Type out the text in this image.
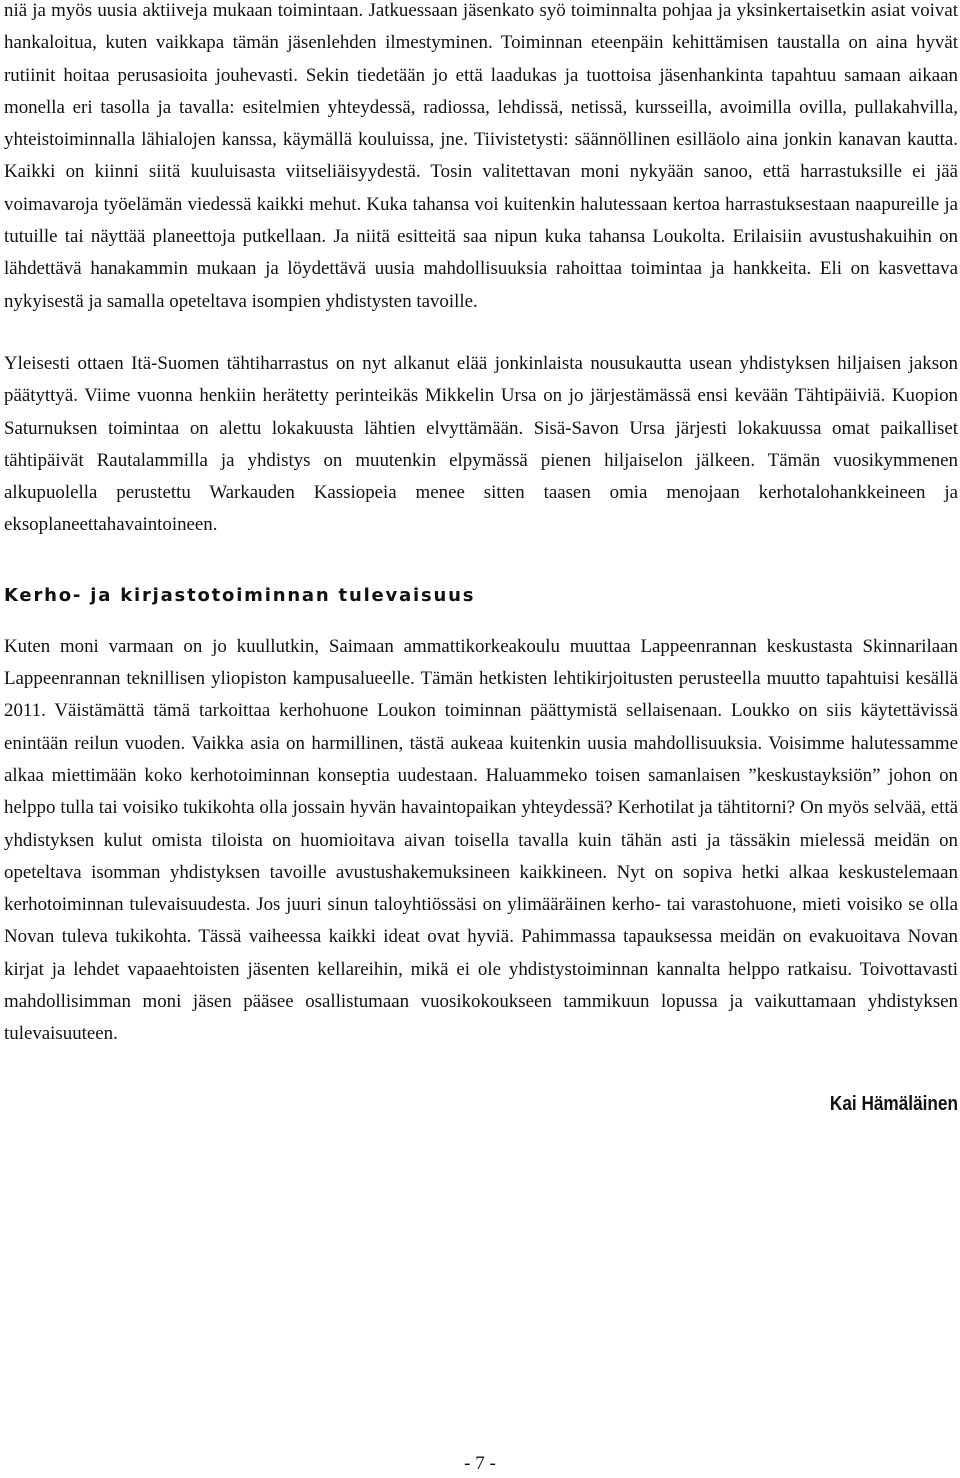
niä ja myös uusia aktiiveja mukaan toimintaan. Jatkuessaan jäsenkato syö toiminnalta pohjaa ja yksinkertaisetkin asiat voivat hankaloitua, kuten vaikkapa tämän jäsenlehden ilmestyminen. Toiminnan eteenpäin kehittämisen taustalla on aina hyvät rutiinit hoitaa perusasioita jouhevasti. Sekin tiedetään jo että laadukas ja tuottoisa jäsenhankinta tapahtuu samaan aikaan monella eri tasolla ja tavalla: esitelmien yhteydessä, radiossa, lehdissä, netissä, kursseilla, avoimilla ovilla, pullakahvilla, yhteistoiminnalla lähialojen kanssa, käymällä kouluissa, jne. Tiivistetysti: säännöllinen esilläolo aina jonkin kanavan kautta. Kaikki on kiinni siitä kuuluisasta viitseliäisyydestä. Tosin valitettavan moni nykyään sanoo, että harrastuksille ei jää voimavaroja työelämän viedessä kaikki mehut. Kuka tahansa voi kuitenkin halutessaan kertoa harrastuksestaan naapureille ja tutuille tai näyttää planeettoja putkellaan. Ja niitä esitteitä saa nipun kuka tahansa Loukolta. Erilaisiin avustushakuihin on lähdettävä hanakammin mukaan ja löydettävä uusia mahdollisuuksia rahoittaa toimintaa ja hankkeita. Eli on kasvettava nykyisestä ja samalla opeteltava isompien yhdistysten tavoille.

Yleisesti ottaen Itä-Suomen tähtiharrastus on nyt alkanut elää jonkinlaista nousukautta usean yhdistyksen hiljaisen jakson päätyttyä. Viime vuonna henkiin herätetty perinteikäs Mikkelin Ursa on jo järjestämässä ensi kevään Tähtipäiviä. Kuopion Saturnuksen toimintaa on alettu lokakuusta lähtien elvyttämään. Sisä-Savon Ursa järjesti lokakuussa omat paikalliset tähtipäivät Rautalammilla ja yhdistys on muutenkin elpymässä pienen hiljaiselon jälkeen. Tämän vuosikymmenen alkupuolella perustettu Warkauden Kassiopeia menee sitten taasen omia menojaan kerhotalohankkeineen ja eksoplaneettahavaintoineen.

Kerho- ja kirjastotoiminnan tulevaisuus

Kuten moni varmaan on jo kuullutkin, Saimaan ammattikorkeakoulu muuttaa Lappeenrannan keskustasta Skinnarilaan Lappeenrannan teknillisen yliopiston kampusalueelle. Tämän hetkisten lehtikirjoitusten perusteella muutto tapahtuisi kesällä 2011. Väistämättä tämä tarkoittaa kerhohuone Loukon toiminnan päättymistä sellaisenaan. Loukko on siis käytettävissä enintään reilun vuoden. Vaikka asia on harmillinen, tästä aukeaa kuitenkin uusia mahdollisuuksia. Voisimme halutessamme alkaa miettimään koko kerhotoiminnan konseptia uudestaan. Haluammeko toisen samanlaisen ”keskustayksiön” johon on helppo tulla tai voisiko tukikohta olla jossain hyvän havaintopaikan yhteydessä? Kerhotilat ja tähtitorni? On myös selvää, että yhdistyksen kulut omista tiloista on huomioitava aivan toisella tavalla kuin tähän asti ja tässäkin mielessä meidän on opeteltava isomman yhdistyksen tavoille avustushakemuksineen kaikkineen. Nyt on sopiva hetki alkaa keskustelemaan kerhotoiminnan tulevaisuudesta. Jos juuri sinun taloyhtiössäsi on ylimääräinen kerho- tai varastohuone, mieti voisiko se olla Novan tuleva tukikohta. Tässä vaiheessa kaikki ideat ovat hyviä. Pahimmassa tapauksessa meidän on evakuoitava Novan kirjat ja lehdet vapaaehtoisten jäsenten kellareihin, mikä ei ole yhdistystoiminnan kannalta helppo ratkaisu. Toivottavasti mahdollisimman moni jäsen pääsee osallistumaan vuosikokoukseen tammikuun lopussa ja vaikuttamaan yhdistyksen tulevaisuuteen.

Kai Hämäläinen
- 7 -
